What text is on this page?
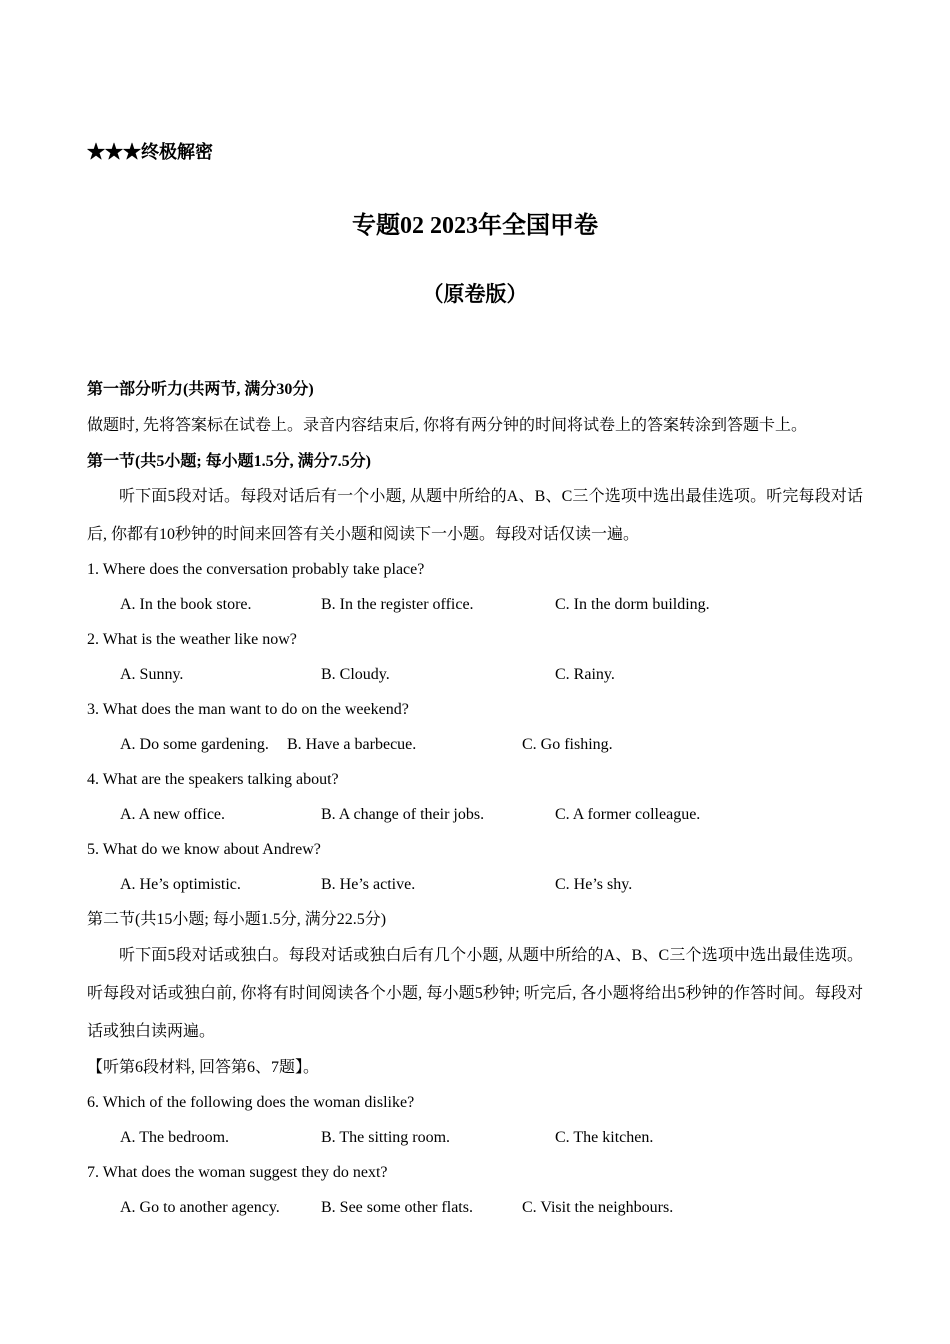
★★★终极解密
专题02 2023年全国甲卷
（原卷版）
第一部分听力(共两节, 满分30分)
做题时, 先将答案标在试卷上。录音内容结束后, 你将有两分钟的时间将试卷上的答案转涂到答题卡上。
第一节(共5小题; 每小题1.5分, 满分7.5分)
听下面5段对话。每段对话后有一个小题, 从题中所给的A、B、C三个选项中选出最佳选项。听完每段对话后, 你都有10秒钟的时间来回答有关小题和阅读下一小题。每段对话仅读一遍。
1. Where does the conversation probably take place?
A. In the book store.	B. In the register office.	C. In the dorm building.
2. What is the weather like now?
A. Sunny.	B. Cloudy.	C. Rainy.
3. What does the man want to do on the weekend?
A. Do some gardening. B. Have a barbecue.	C. Go fishing.
4. What are the speakers talking about?
A. A new office.	B. A change of their jobs.	C. A former colleague.
5. What do we know about Andrew?
A. He’s optimistic.	B. He’s active.	C. He’s shy.
第二节(共15小题; 每小题1.5分, 满分22.5分)
听下面5段对话或独白。每段对话或独白后有几个小题, 从题中所给的A、B、C三个选项中选出最佳选项。听每段对话或独白前, 你将有时间阅读各个小题, 每小题5秒钟; 听完后, 各小题将给出5秒钟的作答时间。每段对话或独白读两遍。
【听第6段材料, 回答第6、7题】。
6. Which of the following does the woman dislike?
A. The bedroom.	B. The sitting room.	C. The kitchen.
7. What does the woman suggest they do next?
A. Go to another agency.	B. See some other flats.	C. Visit the neighbours.
